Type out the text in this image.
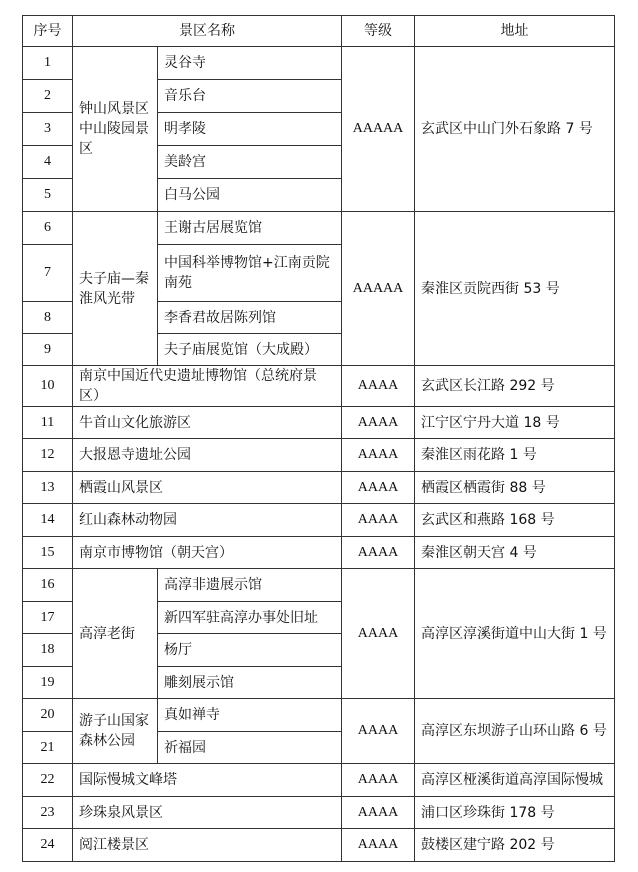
序号	景区名称		等级	地址
1	钟山风景区中山陵园景区	灵谷寺	AAAAA	玄武区中山门外石象路 7 号
2		音乐台		
3		明孝陵		
4		美龄宫		
5		白马公园		
6	夫子庙—秦淮风光带	王谢古居展览馆	AAAAA	秦淮区贡院西街 53 号
7		中国科举博物馆+江南贡院南苑		
8		李香君故居陈列馆		
9		夫子庙展览馆（大成殿）		
10	南京中国近代史遗址博物馆（总统府景区）		AAAA	玄武区长江路 292 号
11	牛首山文化旅游区		AAAA	江宁区宁丹大道 18 号
12	大报恩寺遗址公园		AAAA	秦淮区雨花路 1 号
13	栖霞山风景区		AAAA	栖霞区栖霞街 88 号
14	红山森林动物园		AAAA	玄武区和燕路 168 号
15	南京市博物馆（朝天宫）		AAAA	秦淮区朝天宫 4 号
16	高淳老街	高淳非遗展示馆	AAAA	高淳区淳溪街道中山大街 1 号
17		新四军驻高淳办事处旧址		
18		杨厅		
19		雕刻展示馆		
20	游子山国家森林公园	真如禅寺	AAAA	高淳区东坝游子山环山路 6 号
21		祈福园		
22	国际慢城文峰塔		AAAA	高淳区桠溪街道高淳国际慢城
23	珍珠泉风景区		AAAA	浦口区珍珠街 178 号
24	阅江楼景区		AAAA	鼓楼区建宁路 202 号
